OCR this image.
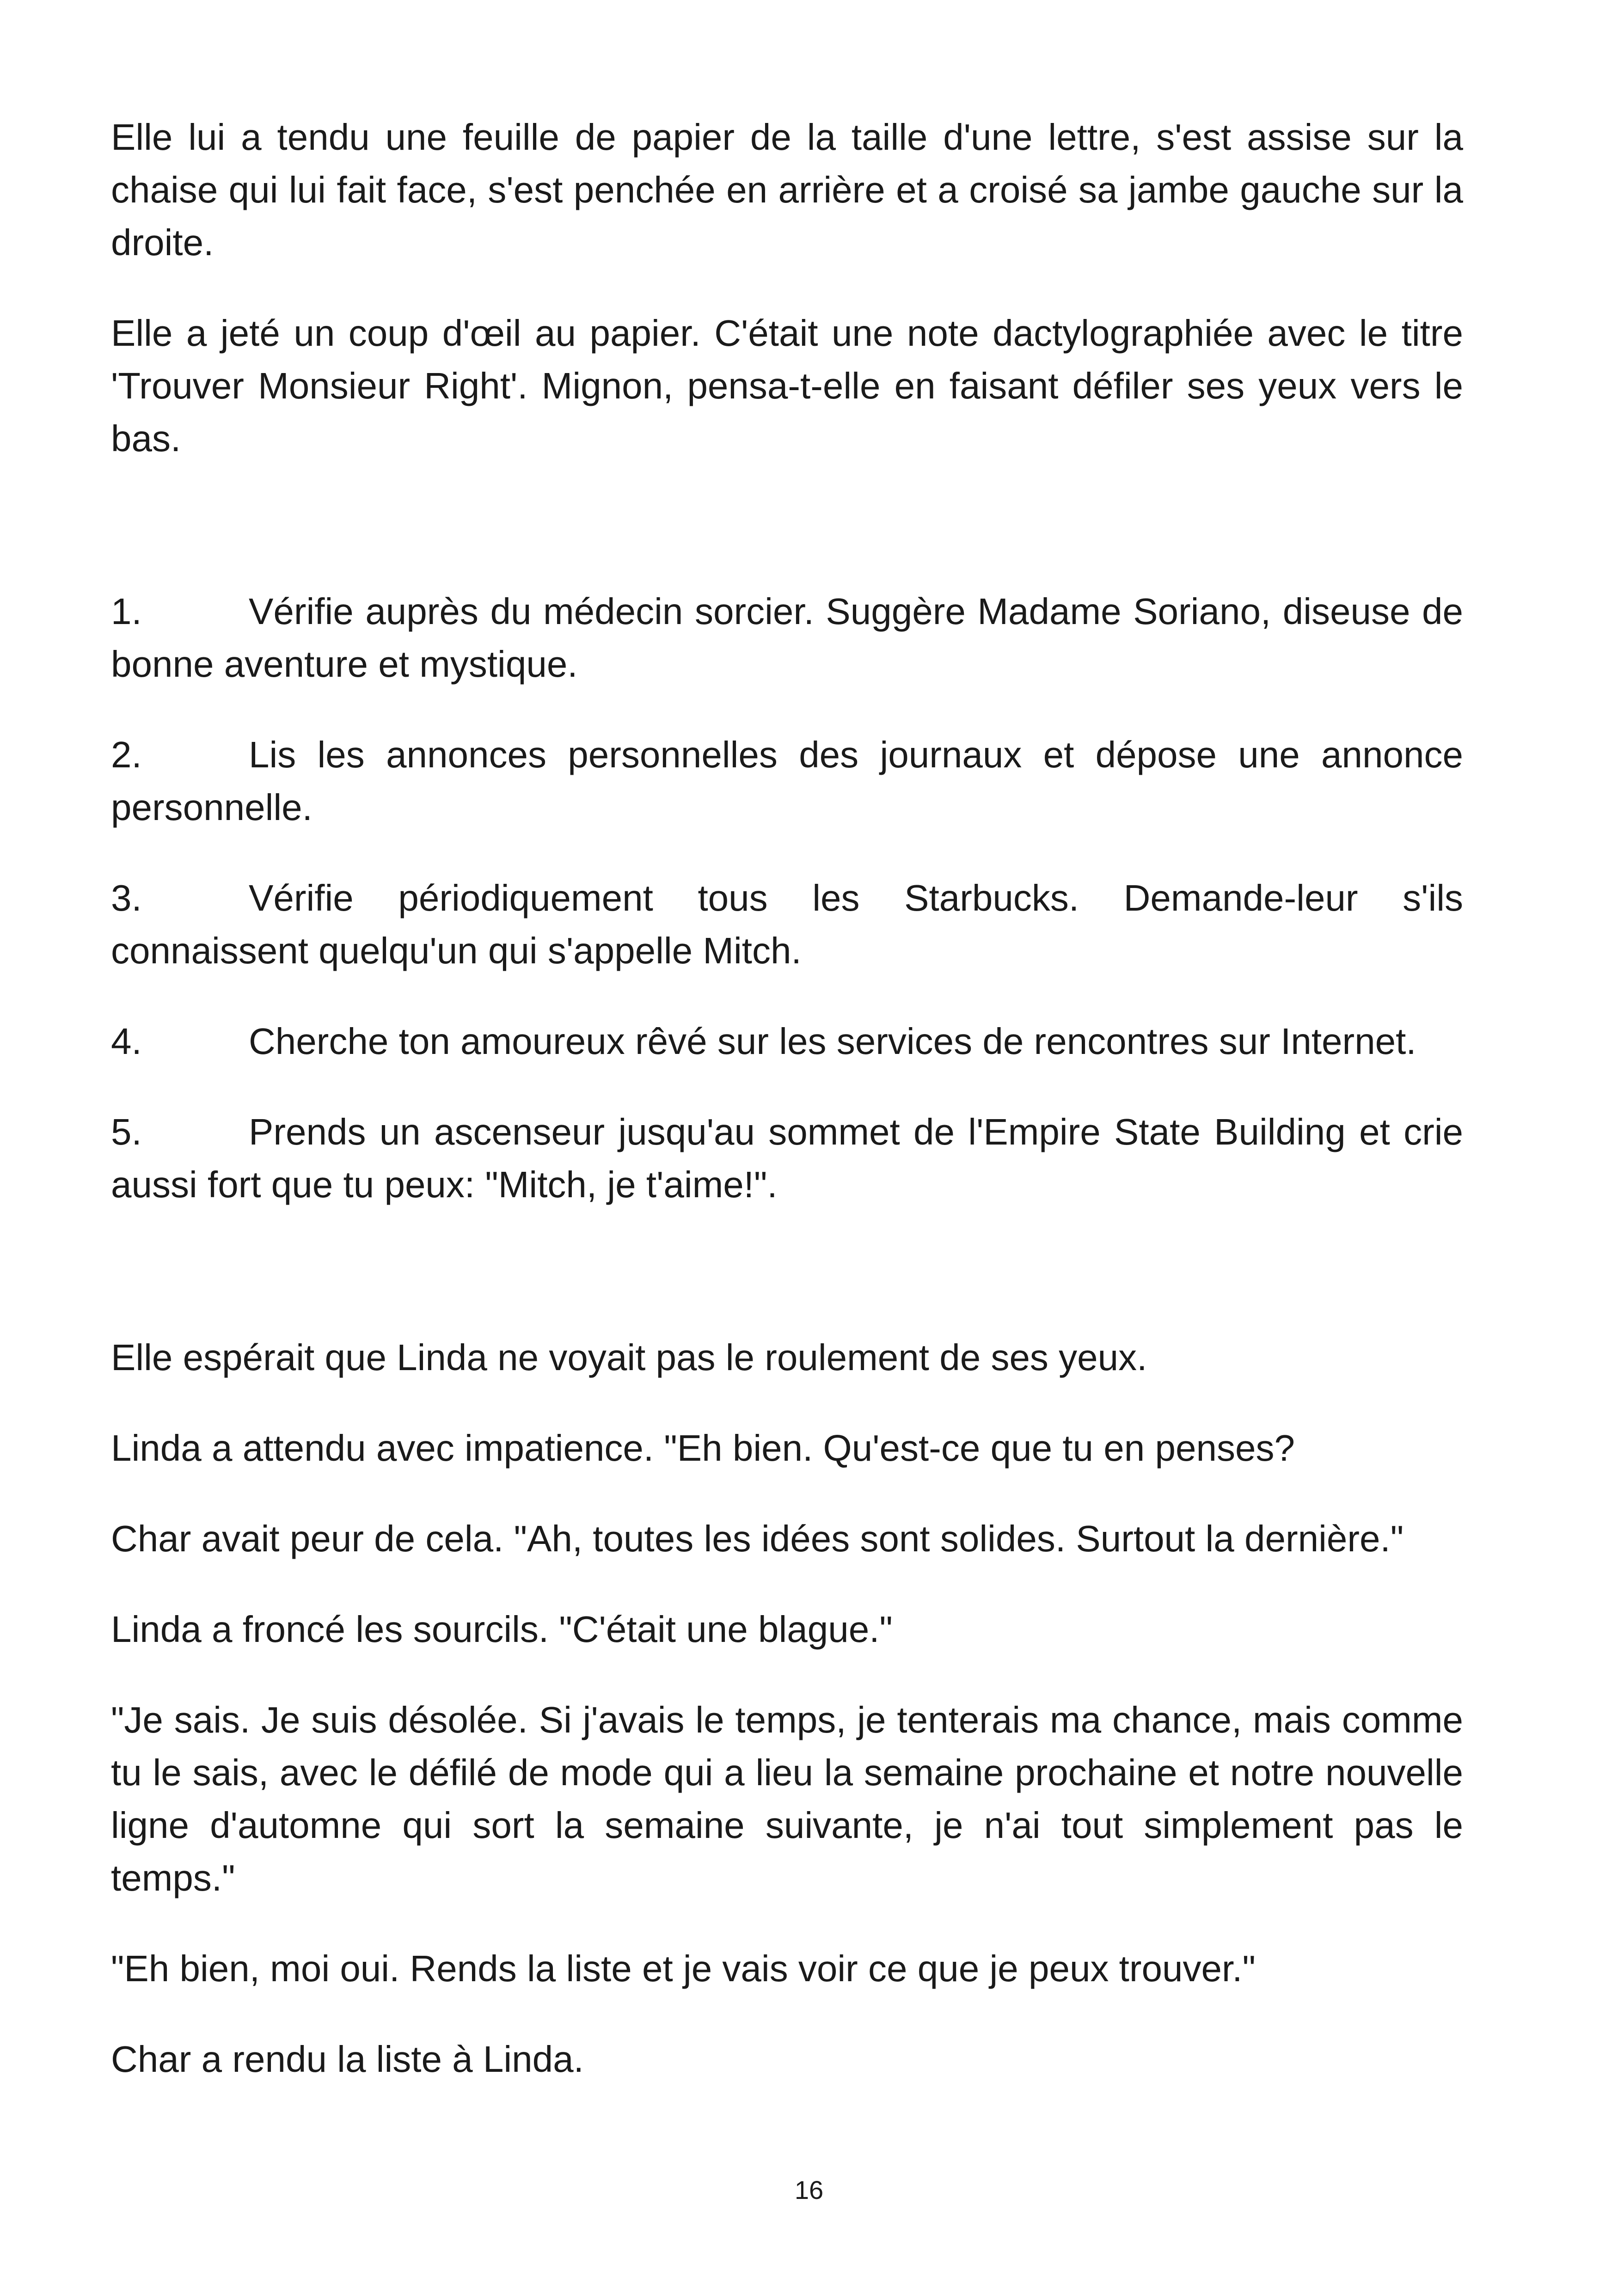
Elle lui a tendu une feuille de papier de la taille d'une lettre, s'est assise sur la chaise qui lui fait face, s'est penchée en arrière et a croisé sa jambe gauche sur la droite.

Elle a jeté un coup d'œil au papier. C'était une note dactylographiée avec le titre 'Trouver Monsieur Right'. Mignon, pensa-t-elle en faisant défiler ses yeux vers le bas.

1.	Vérifie auprès du médecin sorcier. Suggère Madame Soriano, diseuse de bonne aventure et mystique.

2.	Lis les annonces personnelles des journaux et dépose une annonce personnelle.

3.	Vérifie périodiquement tous les Starbucks. Demande-leur s'ils connaissent quelqu'un qui s'appelle Mitch.

4.	Cherche ton amoureux rêvé sur les services de rencontres sur Internet.

5.	Prends un ascenseur jusqu'au sommet de l'Empire State Building et crie aussi fort que tu peux: "Mitch, je t'aime!".

Elle espérait que Linda ne voyait pas le roulement de ses yeux.

Linda a attendu avec impatience. "Eh bien. Qu'est-ce que tu en penses?

Char avait peur de cela. "Ah, toutes les idées sont solides. Surtout la dernière."

Linda a froncé les sourcils. "C'était une blague."

"Je sais. Je suis désolée. Si j'avais le temps, je tenterais ma chance, mais comme tu le sais, avec le défilé de mode qui a lieu la semaine prochaine et notre nouvelle ligne d'automne qui sort la semaine suivante, je n'ai tout simplement pas le temps."

"Eh bien, moi oui. Rends la liste et je vais voir ce que je peux trouver."

Char a rendu la liste à Linda.

16
